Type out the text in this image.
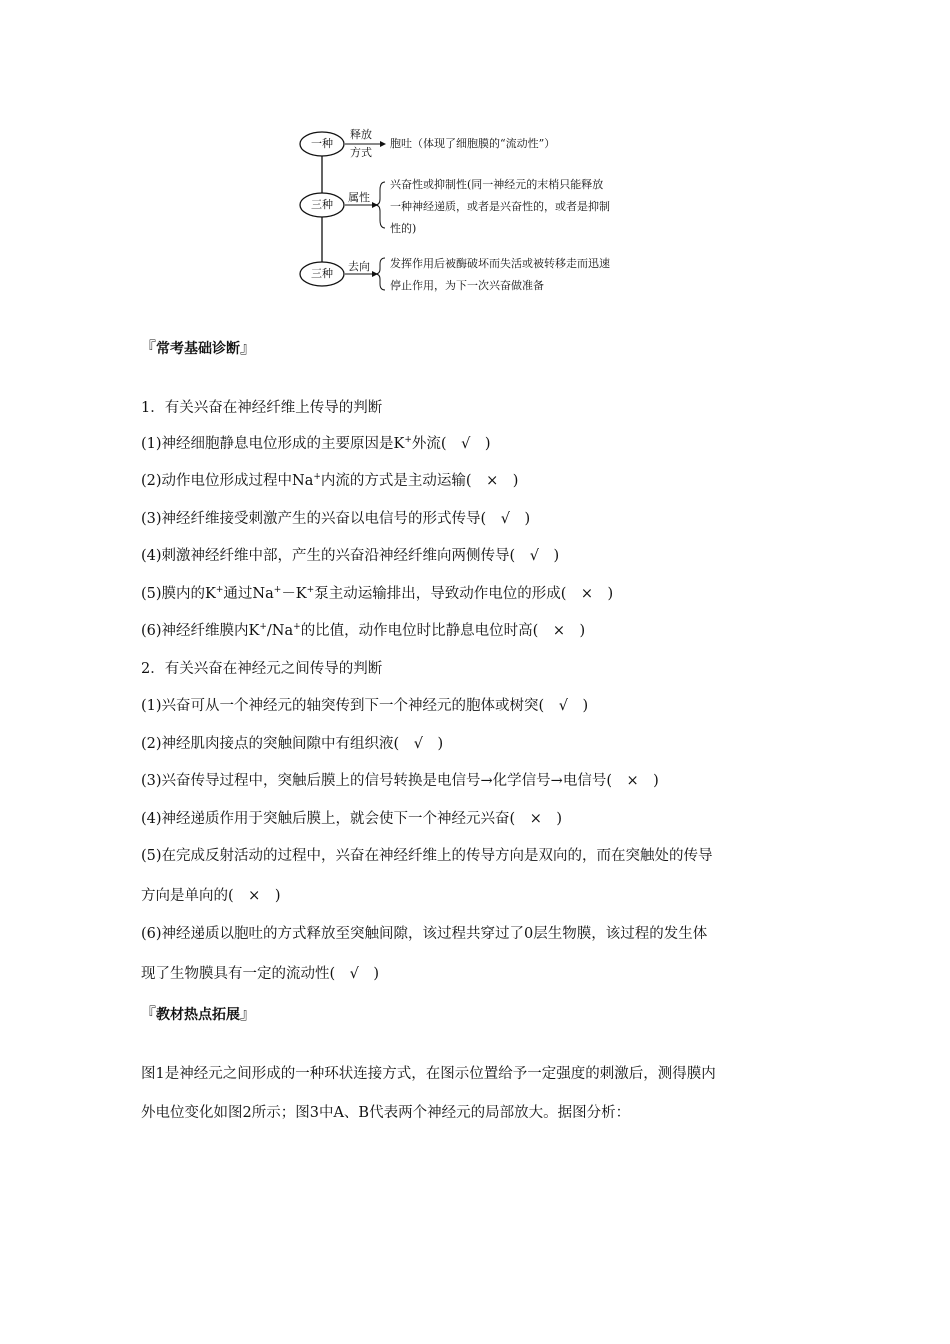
一种
三种
三种
释放
方式
属性
去向
胞吐（体现了细胞膜的“流动性”）
兴奋性或抑制性(同一神经元的末梢只能释放
一种神经递质，或者是兴奋性的，或者是抑制
性的)
发挥作用后被酶破坏而失活或被转移走而迅速
停止作用，为下一次兴奋做准备
『常考基础诊断』
1．有关兴奋在神经纤维上传导的判断
(1)神经细胞静息电位形成的主要原因是K+外流(　√　)
(2)动作电位形成过程中Na+内流的方式是主动运输(　×　)
(3)神经纤维接受刺激产生的兴奋以电信号的形式传导(　√　)
(4)刺激神经纤维中部，产生的兴奋沿神经纤维向两侧传导(　√　)
(5)膜内的K+通过Na+－K+泵主动运输排出，导致动作电位的形成(　×　)
(6)神经纤维膜内K+/Na+的比值，动作电位时比静息电位时高(　×　)
2．有关兴奋在神经元之间传导的判断
(1)兴奋可从一个神经元的轴突传到下一个神经元的胞体或树突(　√　)
(2)神经肌肉接点的突触间隙中有组织液(　√　)
(3)兴奋传导过程中，突触后膜上的信号转换是电信号→化学信号→电信号(　×　)
(4)神经递质作用于突触后膜上，就会使下一个神经元兴奋(　×　)
(5)在完成反射活动的过程中，兴奋在神经纤维上的传导方向是双向的，而在突触处的传导
方向是单向的(　×　)
(6)神经递质以胞吐的方式释放至突触间隙，该过程共穿过了0层生物膜，该过程的发生体
现了生物膜具有一定的流动性(　√　)
『教材热点拓展』
图1是神经元之间形成的一种环状连接方式，在图示位置给予一定强度的刺激后，测得膜内
外电位变化如图2所示；图3中A、B代表两个神经元的局部放大。据图分析：
